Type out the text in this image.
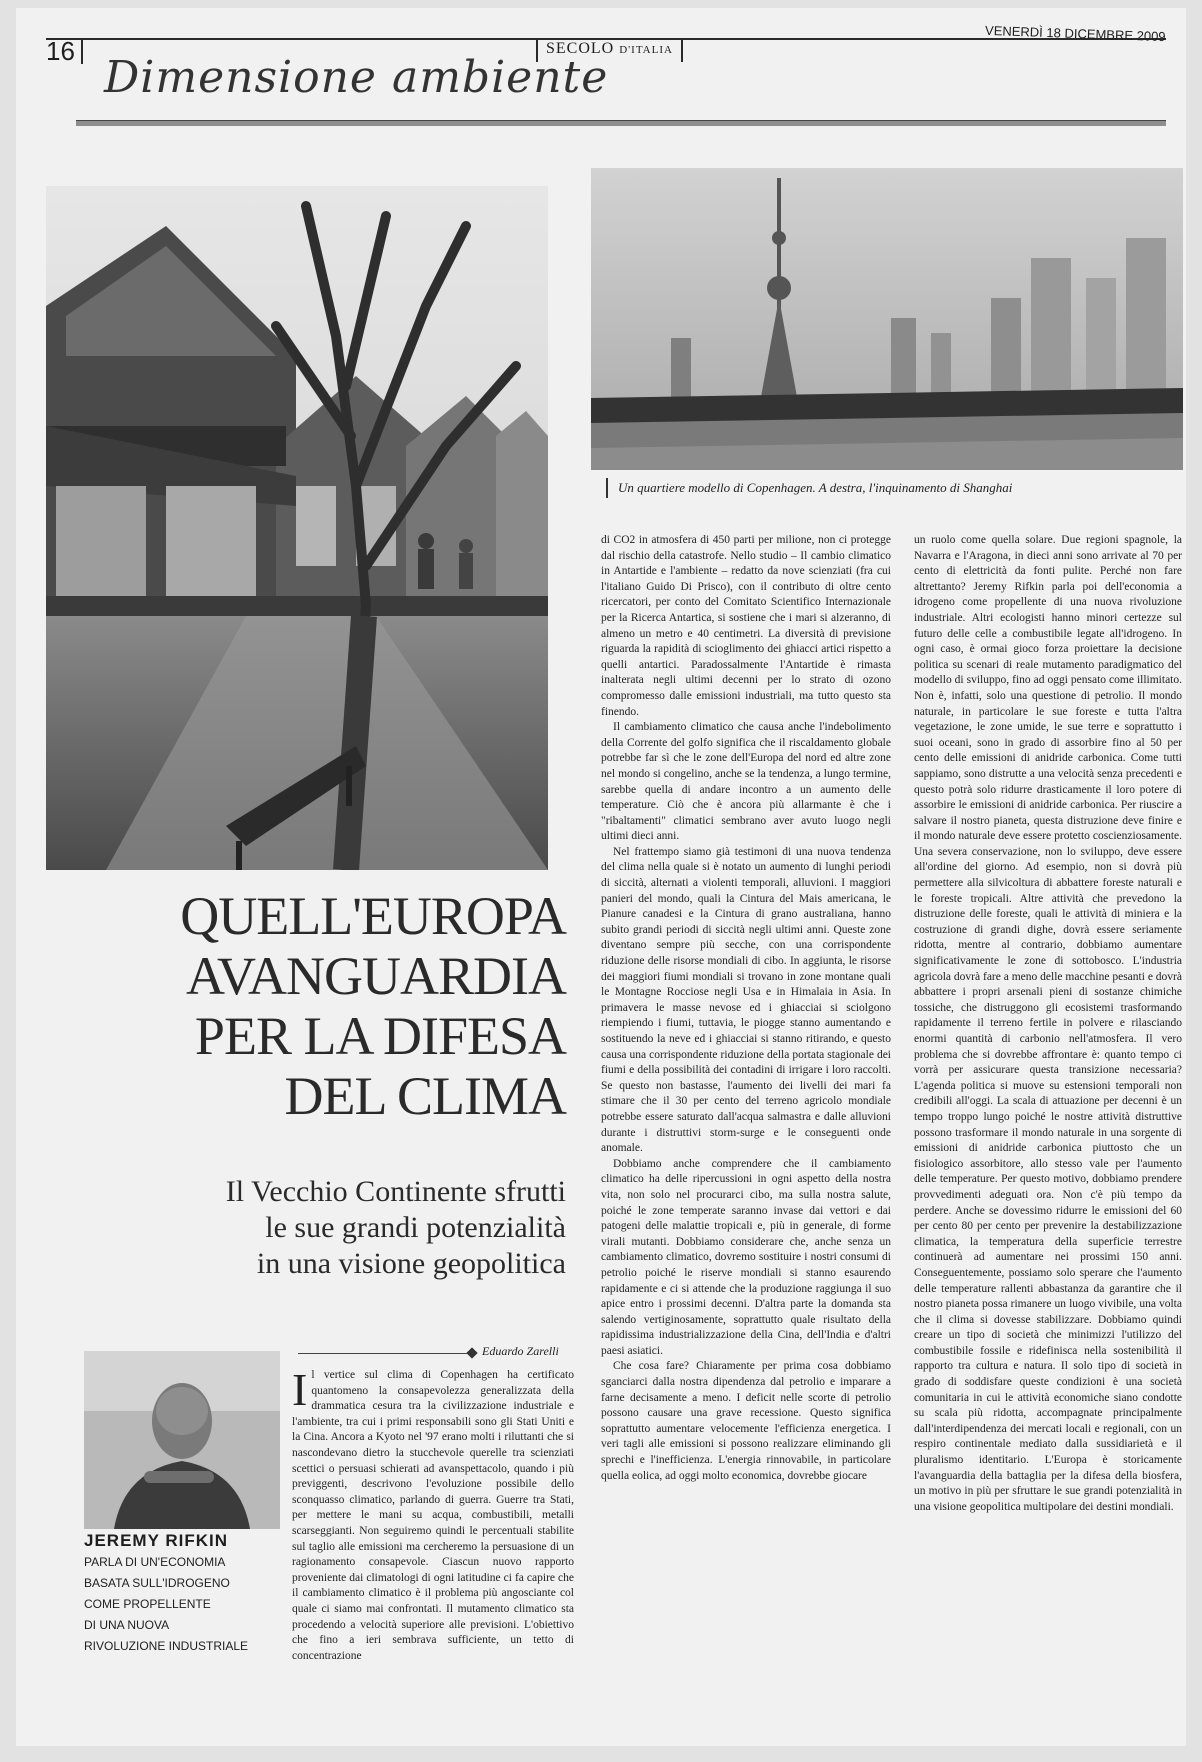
16	SECOLO D'ITALIA
VENERDÌ 18 DICEMBRE 2009
Dimensione ambiente
Un quartiere modello di Copenhagen. A destra, l'inquinamento di Shanghai
QUELL'EUROPA
AVANGUARDIA
PER LA DIFESA
DEL CLIMA
Il Vecchio Continente sfrutti
le sue grandi potenzialità
in una visione geopolitica
Eduardo Zarelli
JEREMY RIFKIN
PARLA DI UN'ECONOMIA
BASATA SULL'IDROGENO
COME PROPELLENTE
DI UNA NUOVA
RIVOLUZIONE INDUSTRIALE

Il vertice sul clima di Copenhagen ha certificato quantomeno la consapevolezza generalizzata della drammatica cesura tra la civilizzazione industriale e l'ambiente, tra cui i primi responsabili sono gli Stati Uniti e la Cina. Ancora a Kyoto nel '97 erano molti i riluttanti che si nascondevano dietro la stucchevole querelle tra scienziati scettici o persuasi schierati ad avanspettacolo, quando i più previggenti, descrivono l'evoluzione possibile dello sconquasso climatico, parlando di guerra. Guerre tra Stati, per mettere le mani su acqua, combustibili, metalli scarseggianti. Non seguiremo quindi le percentuali stabilite sul taglio alle emissioni ma cercheremo la persuasione di un ragionamento consapevole. Ciascun nuovo rapporto proveniente dai climatologi di ogni latitudine ci fa capire che il cambiamento climatico è il problema più angosciante col quale ci siamo mai confrontati. Il mutamento climatico sta procedendo a velocità superiore alle previsioni. L'obiettivo che fino a ieri sembrava sufficiente, un tetto di concentrazione

di CO2 in atmosfera di 450 parti per milione, non ci protegge dal rischio della catastrofe. Nello studio – Il cambio climatico in Antartide e l'ambiente – redatto da nove scienziati (fra cui l'italiano Guido Di Prisco), con il contributo di oltre cento ricercatori, per conto del Comitato Scientifico Internazionale per la Ricerca Antartica, si sostiene che i mari si alzeranno, di almeno un metro e 40 centimetri. La diversità di previsione riguarda la rapidità di scioglimento dei ghiacci artici rispetto a quelli antartici. Paradossalmente l'Antartide è rimasta inalterata negli ultimi decenni per lo strato di ozono compromesso dalle emissioni industriali, ma tutto questo sta finendo.

Il cambiamento climatico che causa anche l'indebolimento della Corrente del golfo significa che il riscaldamento globale potrebbe far sì che le zone dell'Europa del nord ed altre zone nel mondo si congelino, anche se la tendenza, a lungo termine, sarebbe quella di andare incontro a un aumento delle temperature. Ciò che è ancora più allarmante è che i "ribaltamenti" climatici sembrano aver avuto luogo negli ultimi dieci anni.

Nel frattempo siamo già testimoni di una nuova tendenza del clima nella quale si è notato un aumento di lunghi periodi di siccità, alternati a violenti temporali, alluvioni. I maggiori panieri del mondo, quali la Cintura del Mais americana, le Pianure canadesi e la Cintura di grano australiana, hanno subito grandi periodi di siccità negli ultimi anni. Queste zone diventano sempre più secche, con una corrispondente riduzione delle risorse mondiali di cibo. In aggiunta, le risorse dei maggiori fiumi mondiali si trovano in zone montane quali le Montagne Rocciose negli Usa e in Himalaia in Asia. In primavera le masse nevose ed i ghiacciai si sciolgono riempiendo i fiumi, tuttavia, le piogge stanno aumentando e sostituendo la neve ed i ghiacciai si stanno ritirando, e questo causa una corrispondente riduzione della portata stagionale dei fiumi e della possibilità dei contadini di irrigare i loro raccolti. Se questo non bastasse, l'aumento dei livelli dei mari fa stimare che il 30 per cento del terreno agricolo mondiale potrebbe essere saturato dall'acqua salmastra e dalle alluvioni durante i distruttivi storm-surge e le conseguenti onde anomale.

Dobbiamo anche comprendere che il cambiamento climatico ha delle ripercussioni in ogni aspetto della nostra vita, non solo nel procurarci cibo, ma sulla nostra salute, poiché le zone temperate saranno invase dai vettori e dai patogeni delle malattie tropicali e, più in generale, di forme virali mutanti. Dobbiamo considerare che, anche senza un cambiamento climatico, dovremo sostituire i nostri consumi di petrolio poiché le riserve mondiali si stanno esaurendo rapidamente e ci si attende che la produzione raggiunga il suo apice entro i prossimi decenni. D'altra parte la domanda sta salendo vertiginosamente, soprattutto quale risultato della rapidissima industrializzazione della Cina, dell'India e d'altri paesi asiatici.

Che cosa fare? Chiaramente per prima cosa dobbiamo sganciarci dalla nostra dipendenza dal petrolio e imparare a farne decisamente a meno. I deficit nelle scorte di petrolio possono causare una grave recessione. Questo significa soprattutto aumentare velocemente l'efficienza energetica. I veri tagli alle emissioni si possono realizzare eliminando gli sprechi e l'inefficienza. L'energia rinnovabile, in particolare quella eolica, ad oggi molto economica, dovrebbe giocare

un ruolo come quella solare. Due regioni spagnole, la Navarra e l'Aragona, in dieci anni sono arrivate al 70 per cento di elettricità da fonti pulite. Perché non fare altrettanto? Jeremy Rifkin parla poi dell'economia a idrogeno come propellente di una nuova rivoluzione industriale. Altri ecologisti hanno minori certezze sul futuro delle celle a combustibile legate all'idrogeno. In ogni caso, è ormai gioco forza proiettare la decisione politica su scenari di reale mutamento paradigmatico del modello di sviluppo, fino ad oggi pensato come illimitato. Non è, infatti, solo una questione di petrolio. Il mondo naturale, in particolare le sue foreste e tutta l'altra vegetazione, le zone umide, le sue terre e soprattutto i suoi oceani, sono in grado di assorbire fino al 50 per cento delle emissioni di anidride carbonica. Come tutti sappiamo, sono distrutte a una velocità senza precedenti e questo potrà solo ridurre drasticamente il loro potere di assorbire le emissioni di anidride carbonica. Per riuscire a salvare il nostro pianeta, questa distruzione deve finire e il mondo naturale deve essere protetto coscienziosamente. Una severa conservazione, non lo sviluppo, deve essere all'ordine del giorno. Ad esempio, non si dovrà più permettere alla silvicoltura di abbattere foreste naturali e le foreste tropicali. Altre attività che prevedono la distruzione delle foreste, quali le attività di miniera e la costruzione di grandi dighe, dovrà essere seriamente ridotta, mentre al contrario, dobbiamo aumentare significativamente le zone di sottobosco. L'industria agricola dovrà fare a meno delle macchine pesanti e dovrà abbattere i propri arsenali pieni di sostanze chimiche tossiche, che distruggono gli ecosistemi trasformando rapidamente il terreno fertile in polvere e rilasciando enormi quantità di carbonio nell'atmosfera. Il vero problema che si dovrebbe affrontare è: quanto tempo ci vorrà per assicurare questa transizione necessaria? L'agenda politica si muove su estensioni temporali non credibili all'oggi. La scala di attuazione per decenni è un tempo troppo lungo poiché le nostre attività distruttive possono trasformare il mondo naturale in una sorgente di emissioni di anidride carbonica piuttosto che un fisiologico assorbitore, allo stesso vale per l'aumento delle temperature. Per questo motivo, dobbiamo prendere provvedimenti adeguati ora. Non c'è più tempo da perdere. Anche se dovessimo ridurre le emissioni del 60 per cento 80 per cento per prevenire la destabilizzazione climatica, la temperatura della superficie terrestre continuerà ad aumentare nei prossimi 150 anni. Conseguentemente, possiamo solo sperare che l'aumento delle temperature rallenti abbastanza da garantire che il nostro pianeta possa rimanere un luogo vivibile, una volta che il clima si dovesse stabilizzare. Dobbiamo quindi creare un tipo di società che minimizzi l'utilizzo del combustibile fossile e ridefinisca nella sostenibilità il rapporto tra cultura e natura. Il solo tipo di società in grado di soddisfare queste condizioni è una società comunitaria in cui le attività economiche siano condotte su scala più ridotta, accompagnate principalmente dall'interdipendenza dei mercati locali e regionali, con un respiro continentale mediato dalla sussidiarietà e il pluralismo identitario. L'Europa è storicamente l'avanguardia della battaglia per la difesa della biosfera, un motivo in più per sfruttare le sue grandi potenzialità in una visione geopolitica multipolare dei destini mondiali.
